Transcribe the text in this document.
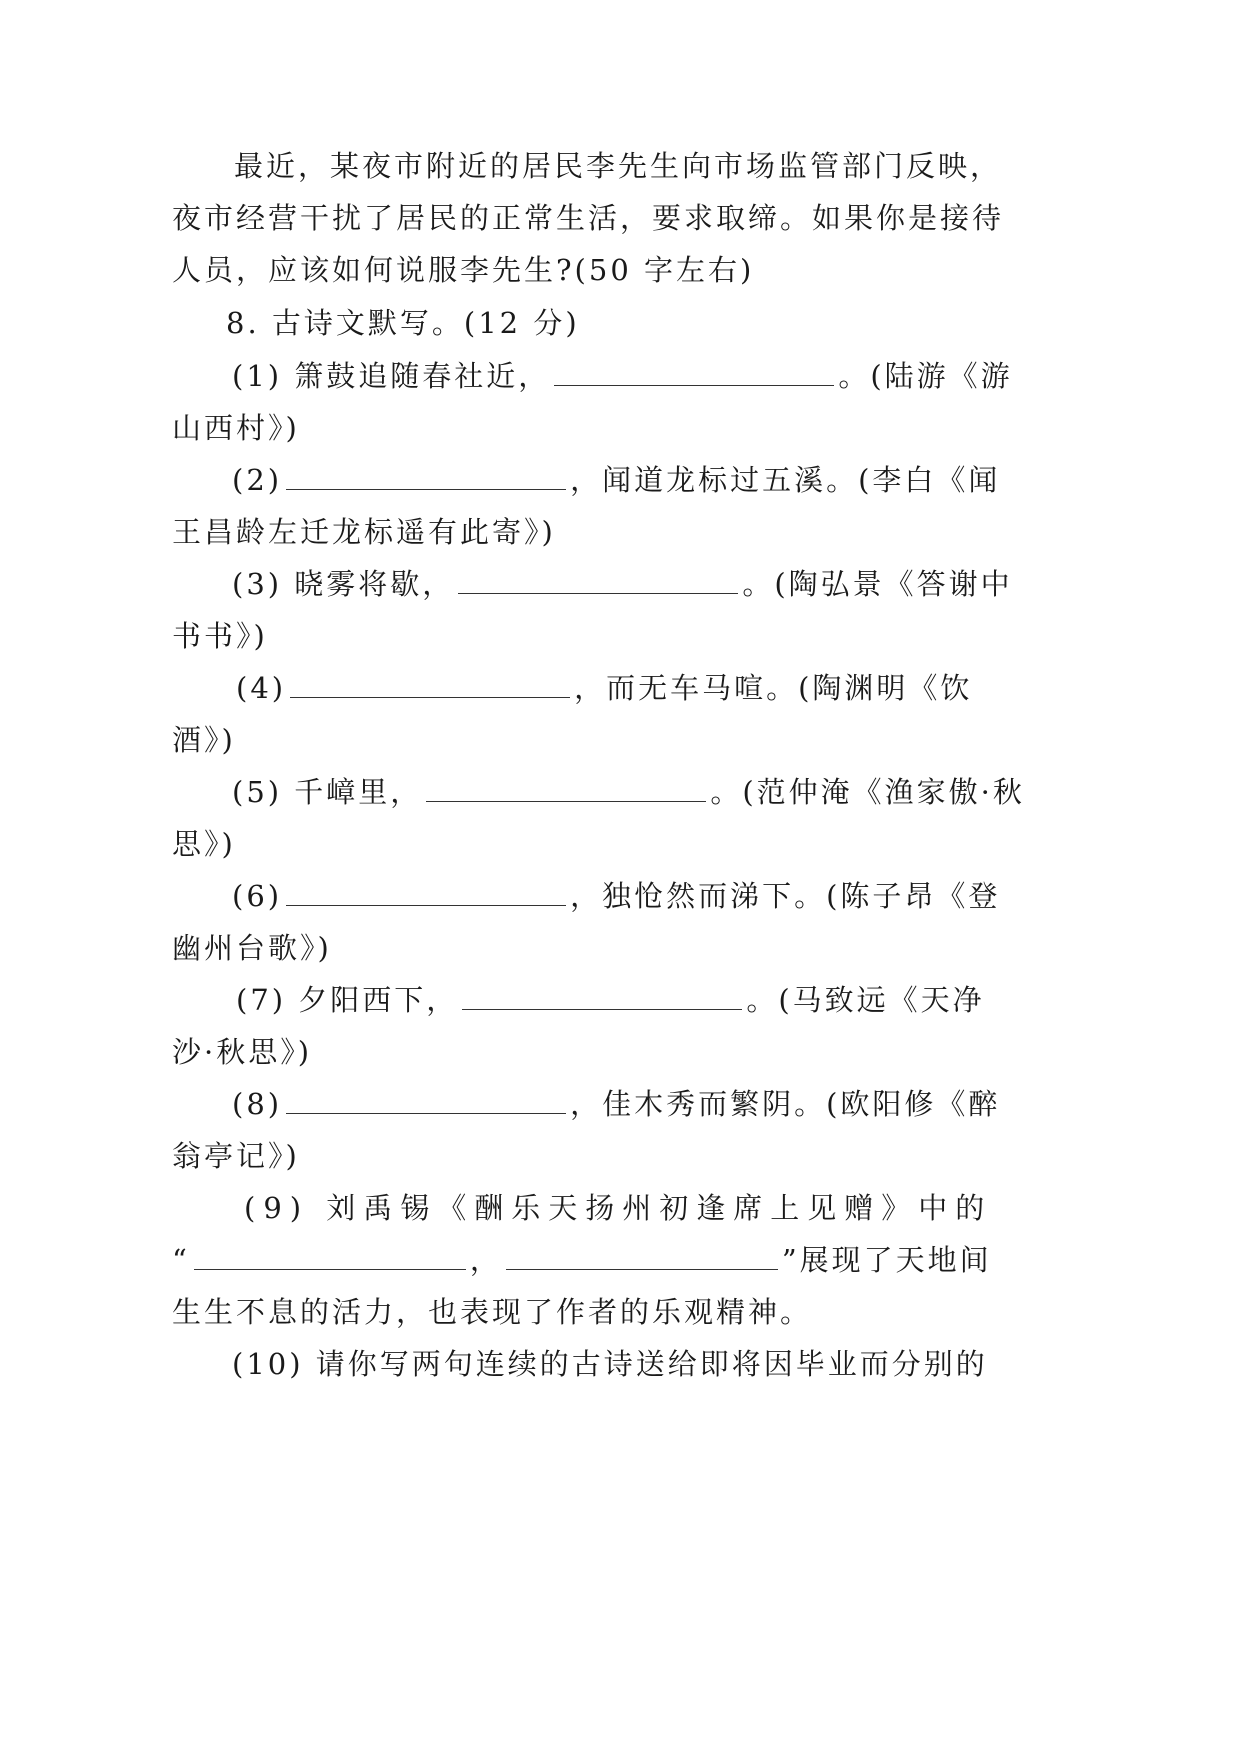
最近，某夜市附近的居民李先生向市场监管部门反映，
夜市经营干扰了居民的正常生活，要求取缔。如果你是接待
人员，应该如何说服李先生?(50 字左右)
8. 古诗文默写。(12 分)
(1) 箫鼓追随春社近，	。(陆游《游
山西村》)
(2)	，闻道龙标过五溪。(李白《闻
王昌龄左迁龙标遥有此寄》)
(3) 晓雾将歇，	。(陶弘景《答谢中
书书》)
(4)	，而无车马喧。(陶渊明《饮
酒》)
(5) 千嶂里，	。(范仲淹《渔家傲·秋
思》)
(6)	，独怆然而涕下。(陈子昂《登
幽州台歌》)
(7) 夕阳西下，	。(马致远《天净
沙·秋思》)
(8)	，佳木秀而繁阴。(欧阳修《醉
翁亭记》)
(9) 刘禹锡《酬乐天扬州初逢席上见赠》中的
“	，	”展现了天地间
生生不息的活力，也表现了作者的乐观精神。
(10) 请你写两句连续的古诗送给即将因毕业而分别的
